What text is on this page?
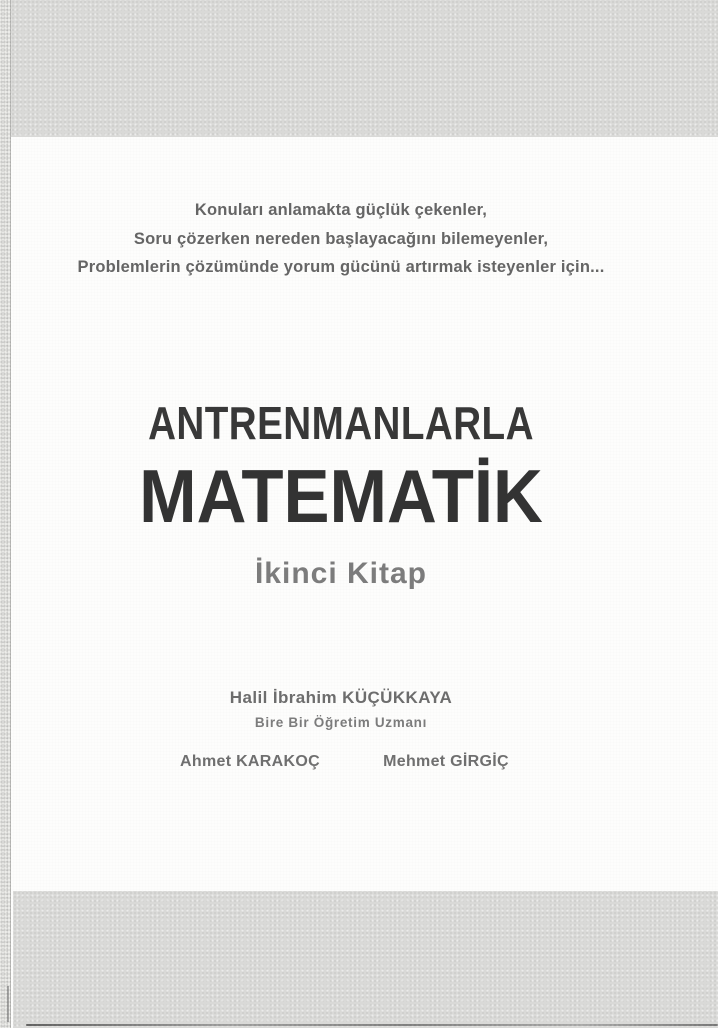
Konuları anlamakta güçlük çekenler,
Soru çözerken nereden başlayacağını bilemeyenler,
Problemlerin çözümünde yorum gücünü artırmak isteyenler için...
ANTRENMANLARLA
MATEMATİK
İkinci Kitap
Halil İbrahim KÜÇÜKKAYA
Bire Bir Öğretim Uzmanı
Ahmet KARAKOÇ	Mehmet GİRGİÇ
